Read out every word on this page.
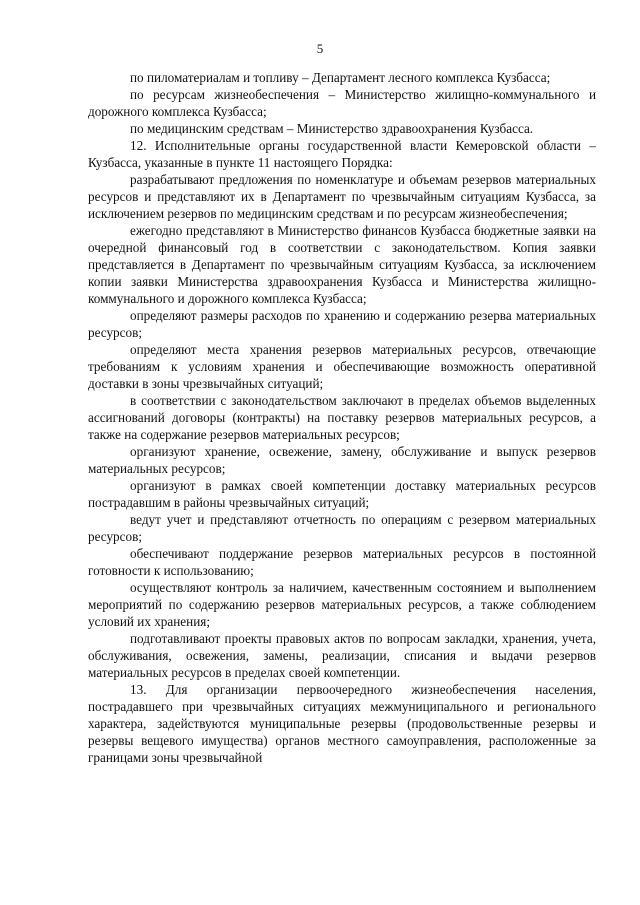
5

по пиломатериалам и топливу – Департамент лесного комплекса Кузбасса;

по ресурсам жизнеобеспечения – Министерство жилищно-коммунального и дорожного комплекса Кузбасса;

по медицинским средствам – Министерство здравоохранения Кузбасса.

12. Исполнительные органы государственной власти Кемеровской области – Кузбасса, указанные в пункте 11 настоящего Порядка:

разрабатывают предложения по номенклатуре и объемам резервов материальных ресурсов и представляют их в Департамент по чрезвычайным ситуациям Кузбасса, за исключением резервов по медицинским средствам и по ресурсам жизнеобеспечения;

ежегодно представляют в Министерство финансов Кузбасса бюджетные заявки на очередной финансовый год в соответствии с законодательством. Копия заявки представляется в Департамент по чрезвычайным ситуациям Кузбасса, за исключением копии заявки Министерства здравоохранения Кузбасса и Министерства жилищно-коммунального и дорожного комплекса Кузбасса;

определяют размеры расходов по хранению и содержанию резерва материальных ресурсов;

определяют места хранения резервов материальных ресурсов, отвечающие требованиям к условиям хранения и обеспечивающие возможность оперативной доставки в зоны чрезвычайных ситуаций;

в соответствии с законодательством заключают в пределах объемов выделенных ассигнований договоры (контракты) на поставку резервов материальных ресурсов, а также на содержание резервов материальных ресурсов;

организуют хранение, освежение, замену, обслуживание и выпуск резервов материальных ресурсов;

организуют в рамках своей компетенции доставку материальных ресурсов пострадавшим в районы чрезвычайных ситуаций;

ведут учет и представляют отчетность по операциям с резервом материальных ресурсов;

обеспечивают поддержание резервов материальных ресурсов в постоянной готовности к использованию;

осуществляют контроль за наличием, качественным состоянием и выполнением мероприятий по содержанию резервов материальных ресурсов, а также соблюдением условий их хранения;

подготавливают проекты правовых актов по вопросам закладки, хранения, учета, обслуживания, освежения, замены, реализации, списания и выдачи резервов материальных ресурсов в пределах своей компетенции.

13. Для организации первоочередного жизнеобеспечения населения, пострадавшего при чрезвычайных ситуациях межмуниципального и регионального характера, задействуются муниципальные резервы (продовольственные резервы и резервы вещевого имущества) органов местного самоуправления, расположенные за границами зоны чрезвычайной
